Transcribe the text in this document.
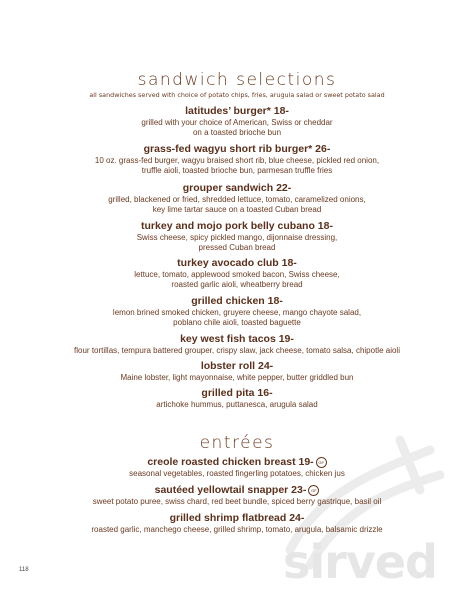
sandwich selections
all sandwiches served with choice of potato chips, fries, arugula salad or sweet potato salad
latitudes’ burger* 18-
grilled with your choice of American, Swiss or cheddar
on a toasted brioche bun
grass-fed wagyu short rib burger* 26-
10 oz. grass-fed burger, wagyu braised short rib, blue cheese, pickled red onion,
truffle aioli, toasted brioche bun, parmesan truffle fries
grouper sandwich 22-
grilled, blackened or fried, shredded lettuce, tomato, caramelized onions,
key lime tartar sauce on a toasted Cuban bread
turkey and mojo pork belly cubano 18-
Swiss cheese, spicy pickled mango, dijonnaise dressing,
pressed Cuban bread
turkey avocado club 18-
lettuce, tomato, applewood smoked bacon, Swiss cheese,
roasted garlic aioli, wheatberry bread
grilled chicken 18-
lemon brined smoked chicken, gruyere cheese, mango chayote salad,
poblano chile aioli, toasted baguette
key west fish tacos 19-
flour tortillas, tempura battered grouper, crispy slaw, jack cheese, tomato salsa, chipotle aioli
lobster roll 24-
Maine lobster, light mayonnaise, white pepper, butter griddled bun
grilled pita 16-
artichoke hummus, puttanesca, arugula salad
sirved
entrées
creole roasted chicken breast 19- GF
seasonal vegetables, roasted fingerling potatoes, chicken jus
sautéed yellowtail snapper 23- GF
sweet potato puree, swiss chard, red beet bundle, spiced berry gastrique, basil oil
grilled shrimp flatbread 24-
roasted garlic, manchego cheese, grilled shrimp, tomato, arugula, balsamic drizzle
118
